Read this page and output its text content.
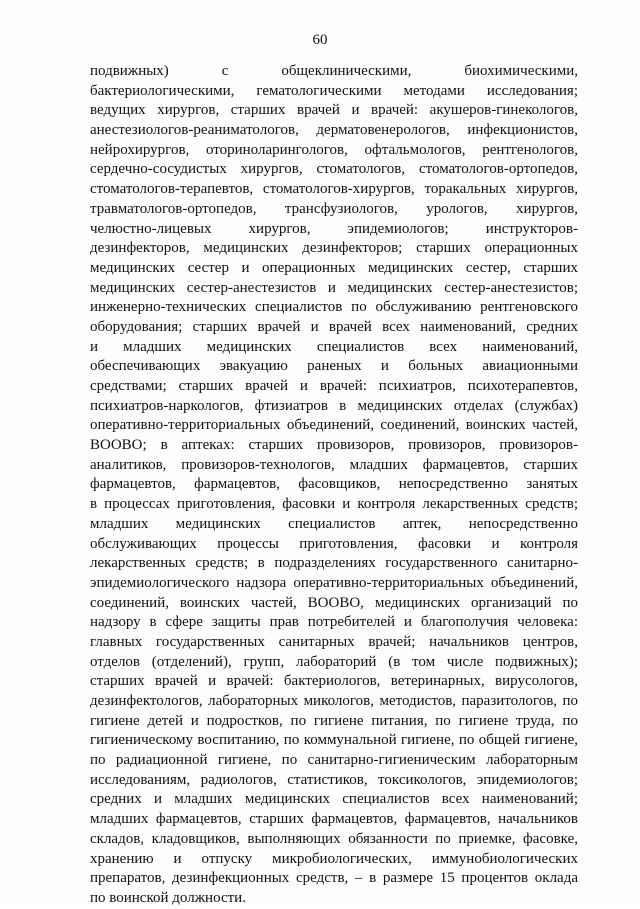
60
подвижных) с общеклиническими, биохимическими,
бактериологическими, гематологическими методами исследования;
ведущих хирургов, старших врачей и врачей: акушеров-гинекологов,
анестезиологов-реаниматологов, дерматовенерологов, инфекционистов,
нейрохирургов, оториноларингологов, офтальмологов, рентгенологов,
сердечно-сосудистых хирургов, стоматологов, стоматологов-ортопедов,
стоматологов-терапевтов, стоматологов-хирургов, торакальных хирургов,
травматологов-ортопедов, трансфузиологов, урологов, хирургов,
челюстно-лицевых хирургов, эпидемиологов; инструкторов-
дезинфекторов, медицинских дезинфекторов; старших операционных
медицинских сестер и операционных медицинских сестер, старших
медицинских сестер-анестезистов и медицинских сестер-анестезистов;
инженерно-технических специалистов по обслуживанию рентгеновского
оборудования; старших врачей и врачей всех наименований, средних
и младших медицинских специалистов всех наименований,
обеспечивающих эвакуацию раненых и больных авиационными
средствами; старших врачей и врачей: психиатров, психотерапевтов,
психиатров-наркологов, фтизиатров в медицинских отделах (службах)
оперативно-территориальных объединений, соединений, воинских частей,
ВООВО; в аптеках: старших провизоров, провизоров, провизоров-
аналитиков, провизоров-технологов, младших фармацевтов, старших
фармацевтов, фармацевтов, фасовщиков, непосредственно занятых
в процессах приготовления, фасовки и контроля лекарственных средств;
младших медицинских специалистов аптек, непосредственно
обслуживающих процессы приготовления, фасовки и контроля
лекарственных средств; в подразделениях государственного санитарно-
эпидемиологического надзора оперативно-территориальных объединений,
соединений, воинских частей, ВООВО, медицинских организаций по
надзору в сфере защиты прав потребителей и благополучия человека:
главных государственных санитарных врачей; начальников центров,
отделов (отделений), групп, лабораторий (в том числе подвижных);
старших врачей и врачей: бактериологов, ветеринарных, вирусологов,
дезинфектологов, лабораторных микологов, методистов, паразитологов, по
гигиене детей и подростков, по гигиене питания, по гигиене труда, по
гигиеническому воспитанию, по коммунальной гигиене, по общей гигиене,
по радиационной гигиене, по санитарно-гигиеническим лабораторным
исследованиям, радиологов, статистиков, токсикологов, эпидемиологов;
средних и младших медицинских специалистов всех наименований;
младших фармацевтов, старших фармацевтов, фармацевтов, начальников
складов, кладовщиков, выполняющих обязанности по приемке, фасовке,
хранению и отпуску микробиологических, иммунобиологических
препаратов, дезинфекционных средств, – в размере 15 процентов оклада
по воинской должности.
